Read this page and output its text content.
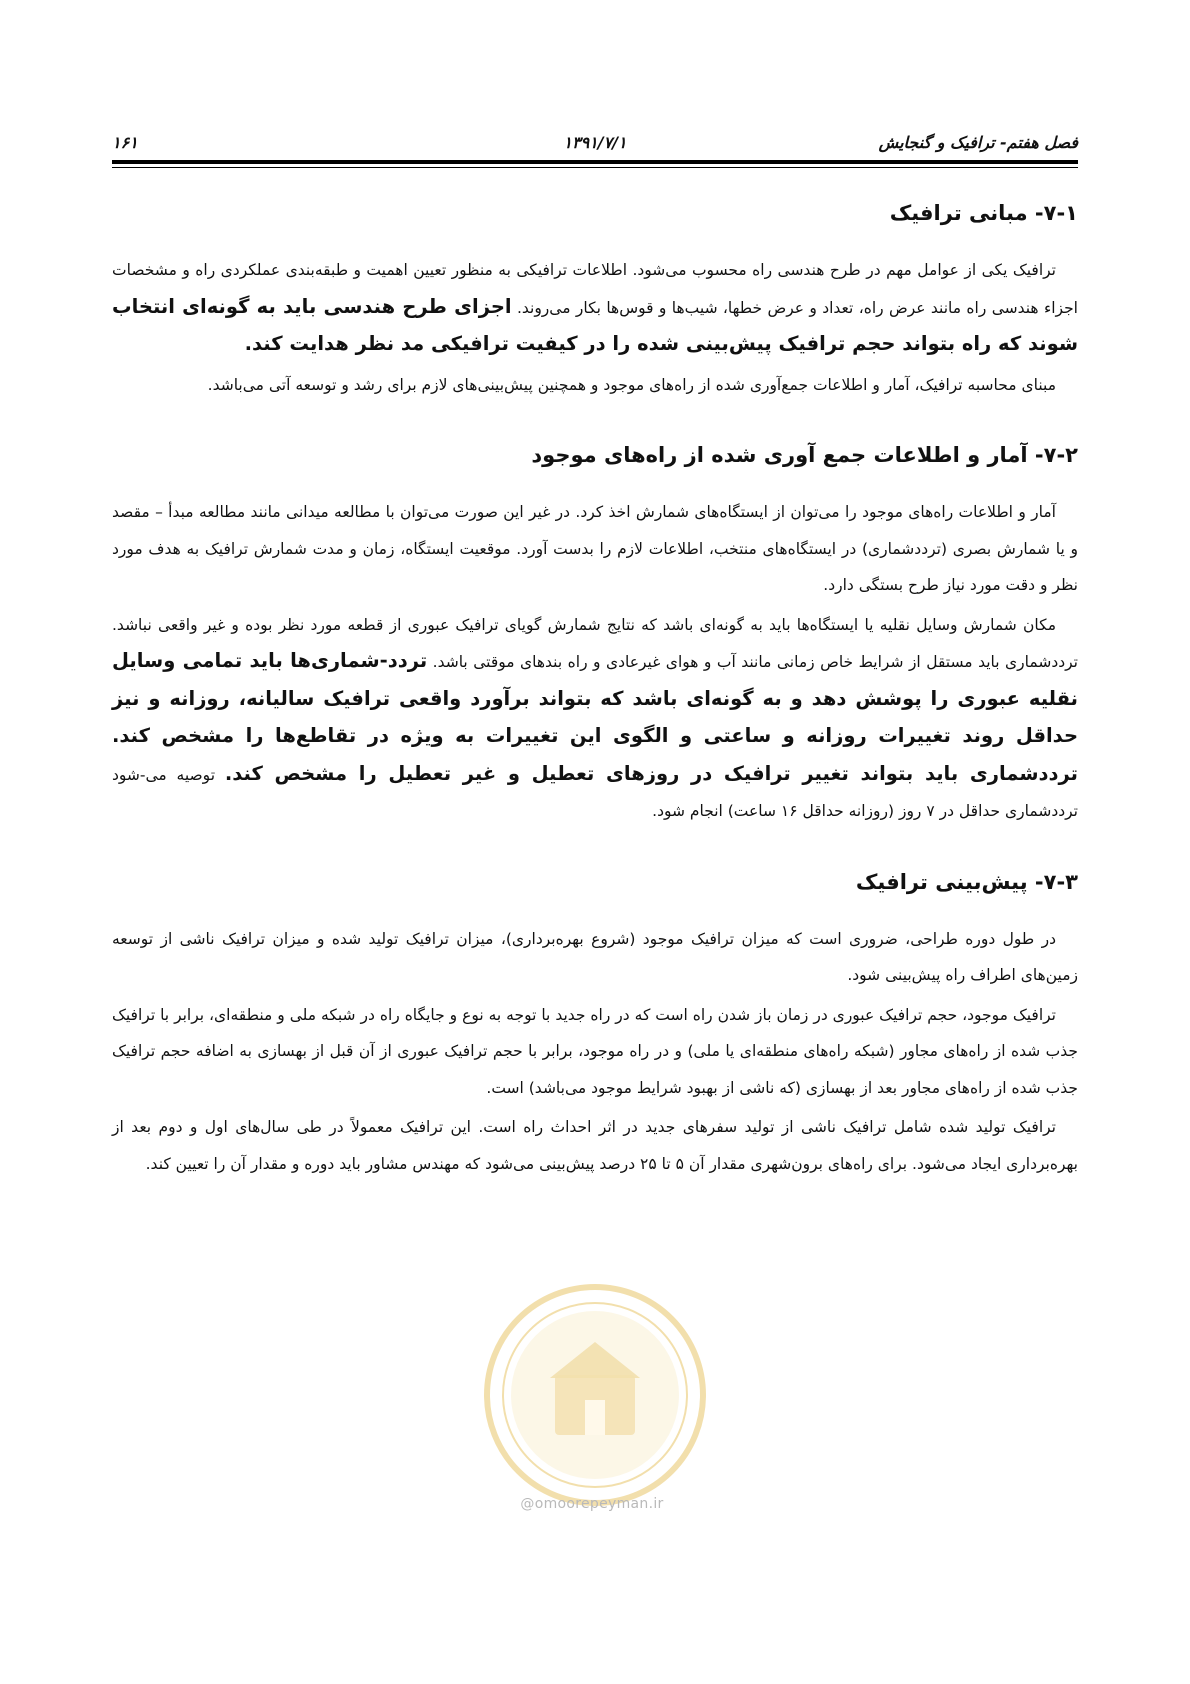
فصل هفتم- ترافیک و گنجایش
۱۳۹۱/۷/۱
۱۶۱
۷-۱- مبانی ترافیک

ترافیک یکی از عوامل مهم در طرح هندسی راه محسوب می‌شود. اطلاعات ترافیکی به منظور تعیین اهمیت و طبقه‌بندی عملکردی راه و مشخصات اجزاء هندسی راه مانند عرض راه، تعداد و عرض خطها، شیب‌ها و قوس‌ها بکار می‌روند. اجزای طرح هندسی باید به گونه‌ای انتخاب شوند که راه بتواند حجم ترافیک پیش‌بینی شده را در کیفیت ترافیکی مد نظر هدایت کند.

مبنای محاسبه ترافیک، آمار و اطلاعات جمع‌آوری شده از راه‌های موجود و همچنین پیش‌بینی‌های لازم برای رشد و توسعه آتی می‌باشد.

۷-۲- آمار و اطلاعات جمع آوری شده از راه‌های موجود

آمار و اطلاعات راه‌های موجود را می‌توان از ایستگاه‌های شمارش اخذ کرد. در غیر این صورت می‌توان با مطالعه میدانی مانند مطالعه مبدأ – مقصد و یا شمارش بصری (ترددشماری) در ایستگاه‌های منتخب، اطلاعات لازم را بدست آورد. موقعیت ایستگاه، زمان و مدت شمارش ترافیک به هدف مورد نظر و دقت مورد نیاز طرح بستگی دارد.

مکان شمارش وسایل نقلیه یا ایستگاه‌ها باید به گونه‌ای باشد که نتایج شمارش گویای ترافیک عبوری از قطعه مورد نظر بوده و غیر واقعی نباشد. ترددشماری باید مستقل از شرایط خاص زمانی مانند آب و هوای غیرعادی و راه بندهای موقتی باشد. تردد-شماری‌ها باید تمامی وسایل نقلیه عبوری را پوشش دهد و به گونه‌ای باشد که بتواند برآورد واقعی ترافیک سالیانه، روزانه و نیز حداقل روند تغییرات روزانه و ساعتی و الگوی این تغییرات به ویژه در تقاطع‌ها را مشخص کند. ترددشماری باید بتواند تغییر ترافیک در روزهای تعطیل و غیر تعطیل را مشخص کند. توصیه می-شود ترددشماری حداقل در ۷ روز (روزانه حداقل ۱۶ ساعت) انجام شود.

۷-۳- پیش‌بینی ترافیک

در طول دوره طراحی، ضروری است که میزان ترافیک موجود (شروع بهره‌برداری)، میزان ترافیک تولید شده و میزان ترافیک ناشی از توسعه زمین‌های اطراف راه پیش‌بینی شود.

ترافیک موجود، حجم ترافیک عبوری در زمان باز شدن راه است که در راه جدید با توجه به نوع و جایگاه راه در شبکه ملی و منطقه‌ای، برابر با ترافیک جذب شده از راه‌های مجاور (شبکه راه‌های منطقه‌ای یا ملی) و در راه موجود، برابر با حجم ترافیک عبوری از آن قبل از بهسازی به اضافه حجم ترافیک جذب شده از راه‌های مجاور بعد از بهسازی (که ناشی از بهبود شرایط موجود می‌باشد) است.

ترافیک تولید شده شامل ترافیک ناشی از تولید سفرهای جدید در اثر احداث راه است. این ترافیک معمولاً در طی سال‌های اول و دوم بعد از بهره‌برداری ایجاد می‌شود. برای راه‌های برون‌شهری مقدار آن ۵ تا ۲۵ درصد پیش‌بینی می‌شود که مهندس مشاور باید دوره و مقدار آن را تعیین کند.

@omoorepeyman.ir
